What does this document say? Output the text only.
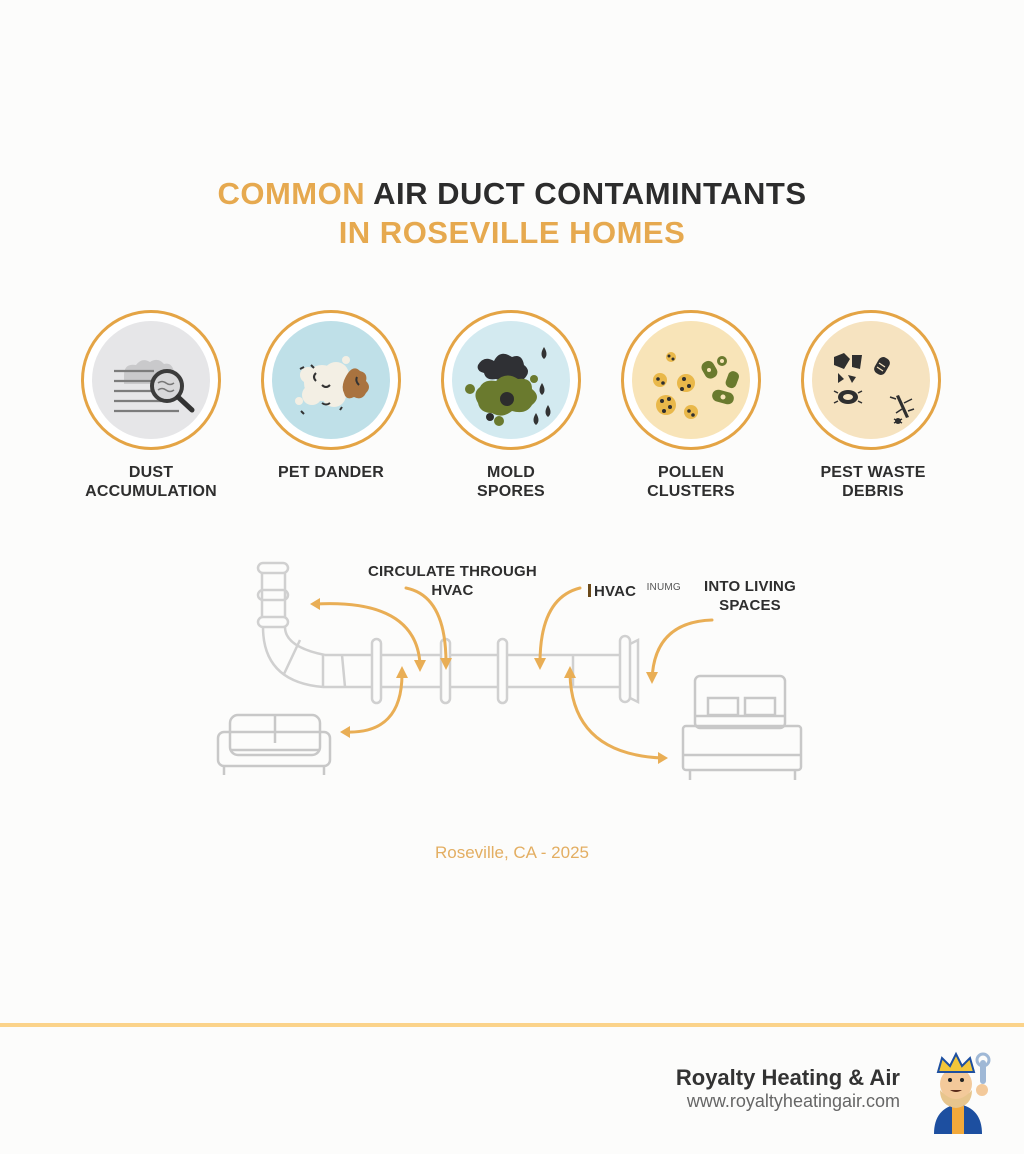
COMMON AIR DUCT CONTAMINTANTS
IN ROSEVILLE HOMES
DUST
ACCUMULATION
PET DANDER	MOLD
SPORES
POLLEN
CLUSTERS
PEST WASTE
DEBRIS
CIRCULATE THROUGH
HVAC	HVAC $^{INUMG}$	INTO LIVING
SPACES
Roseville, CA - 2025
Royalty Heating & Air
www.royaltyheatingair.com
